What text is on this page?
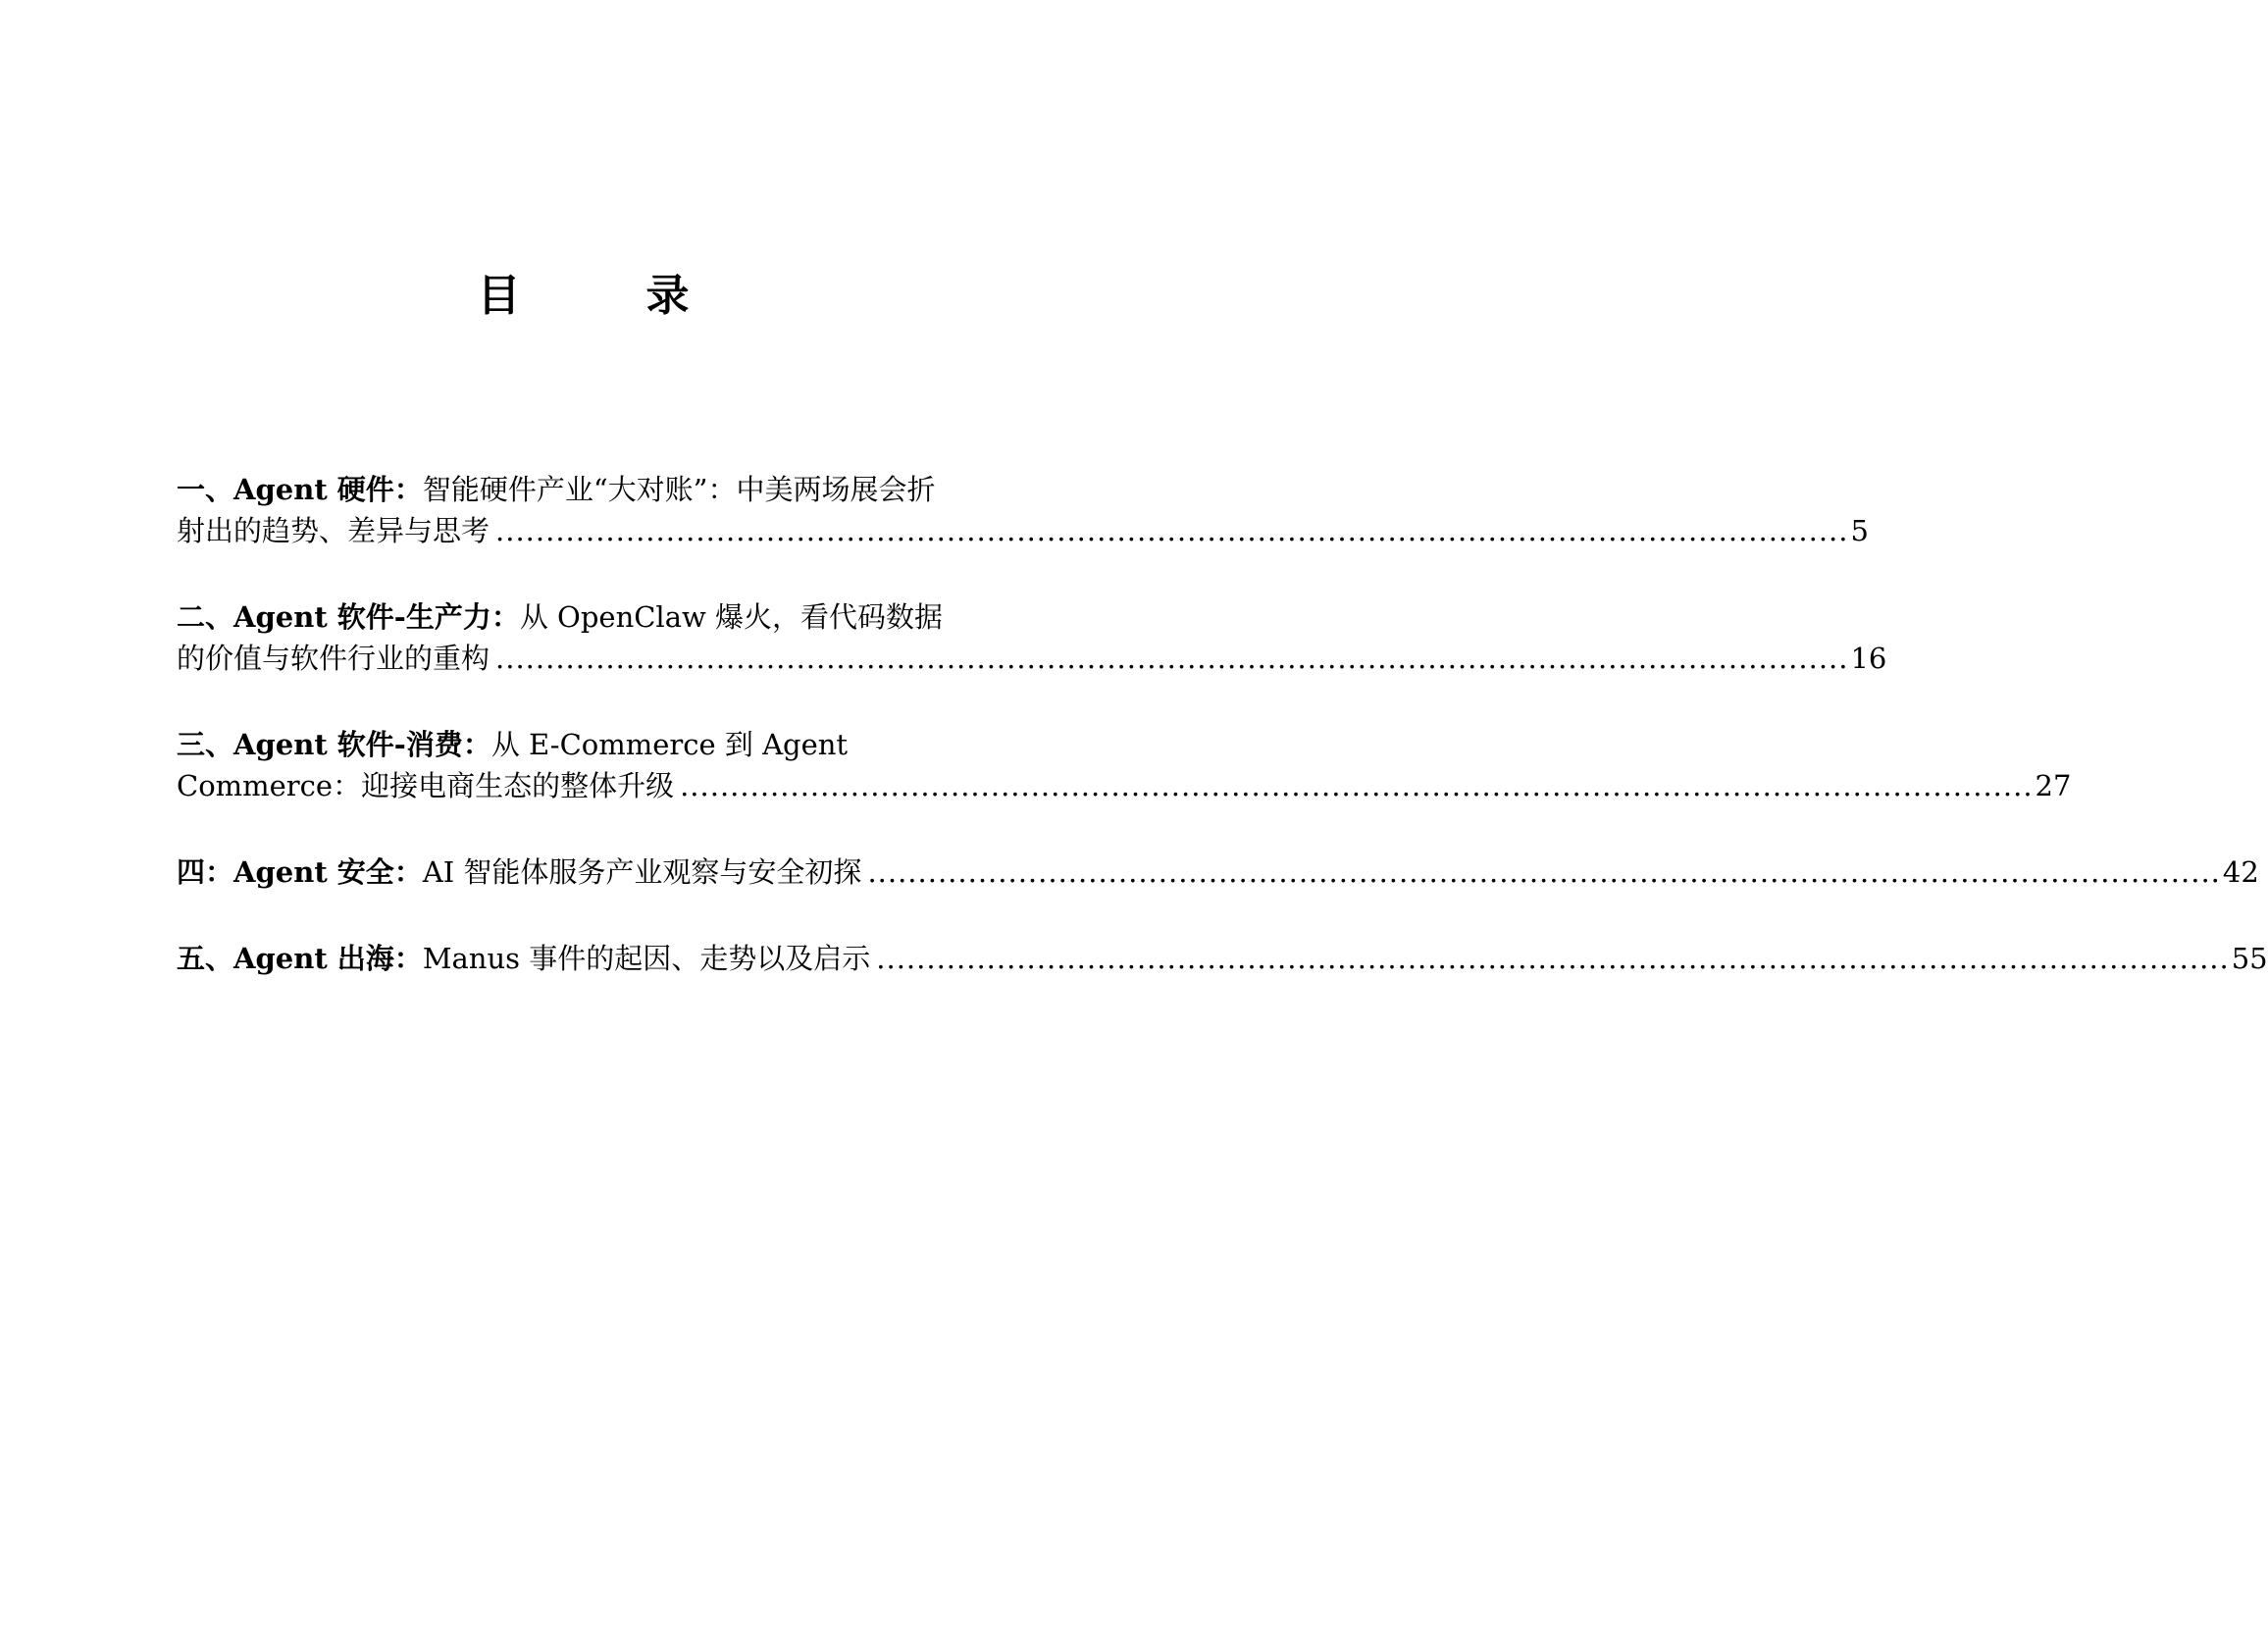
目　录
一、Agent 硬件：智能硬件产业“大对账”：中美两场展会折
射出的趋势、差异与思考 ....................................................................................................................................... 5
二、Agent 软件-生产力：从 OpenClaw 爆火，看代码数据
的价值与软件行业的重构 ....................................................................................................................................... 16
三、Agent 软件-消费：从 E-Commerce 到 Agent
Commerce：迎接电商生态的整体升级 ....................................................................................................................................... 27
四：Agent 安全：AI 智能体服务产业观察与安全初探 ....................................................................................................................................... 42
五、Agent 出海：Manus 事件的起因、走势以及启示 ....................................................................................................................................... 55
